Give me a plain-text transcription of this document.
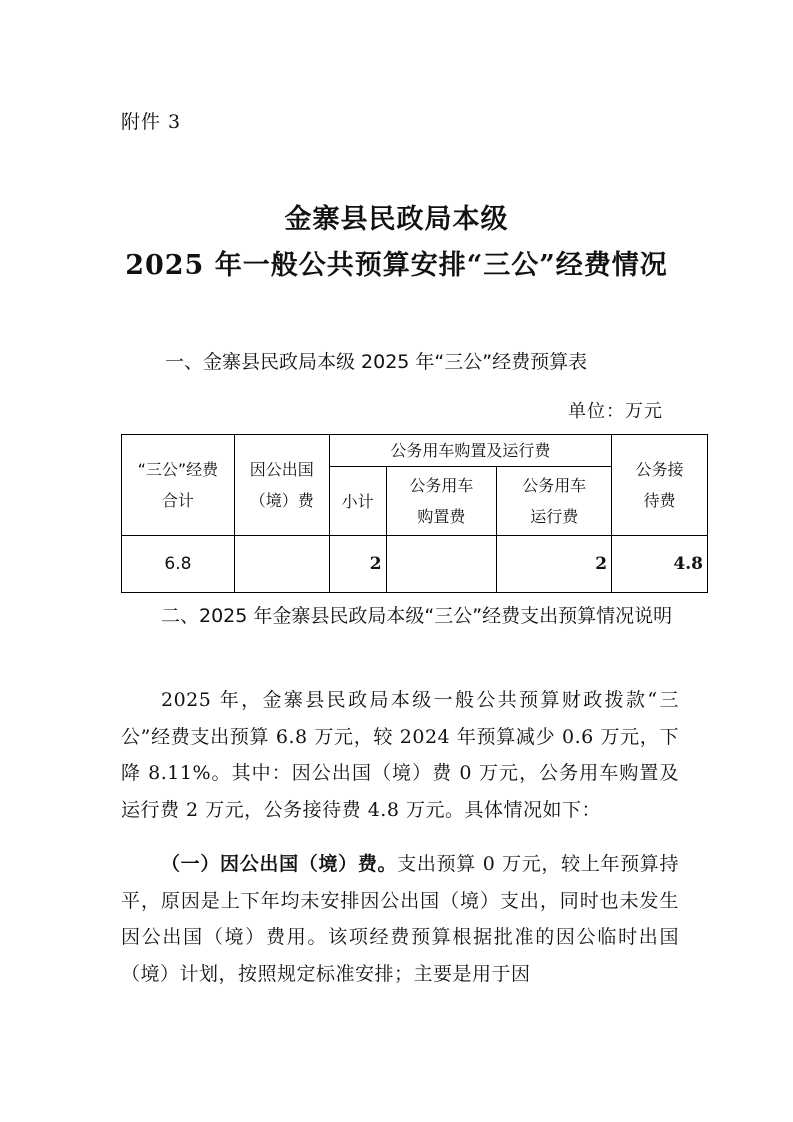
附件 3
金寨县民政局本级
2025 年一般公共预算安排“三公”经费情况
一、金寨县民政局本级 2025 年“三公”经费预算表
单位：万元
“三公”经费合计	因公出国（境）费	公务用车购置及运行费			公务接待费
		小计	公务用车购置费	公务用车运行费	
6.8		2		2	4.8
二、2025 年金寨县民政局本级“三公”经费支出预算情况说明
2025 年，金寨县民政局本级一般公共预算财政拨款“三公”经费支出预算 6.8 万元，较 2024 年预算减少 0.6 万元，下降 8.11%。其中：因公出国（境）费 0 万元，公务用车购置及运行费 2 万元，公务接待费 4.8 万元。具体情况如下：
（一）因公出国（境）费。支出预算 0 万元，较上年预算持平，原因是上下年均未安排因公出国（境）支出，同时也未发生因公出国（境）费用。该项经费预算根据批准的因公临时出国（境）计划，按照规定标准安排；主要是用于因
